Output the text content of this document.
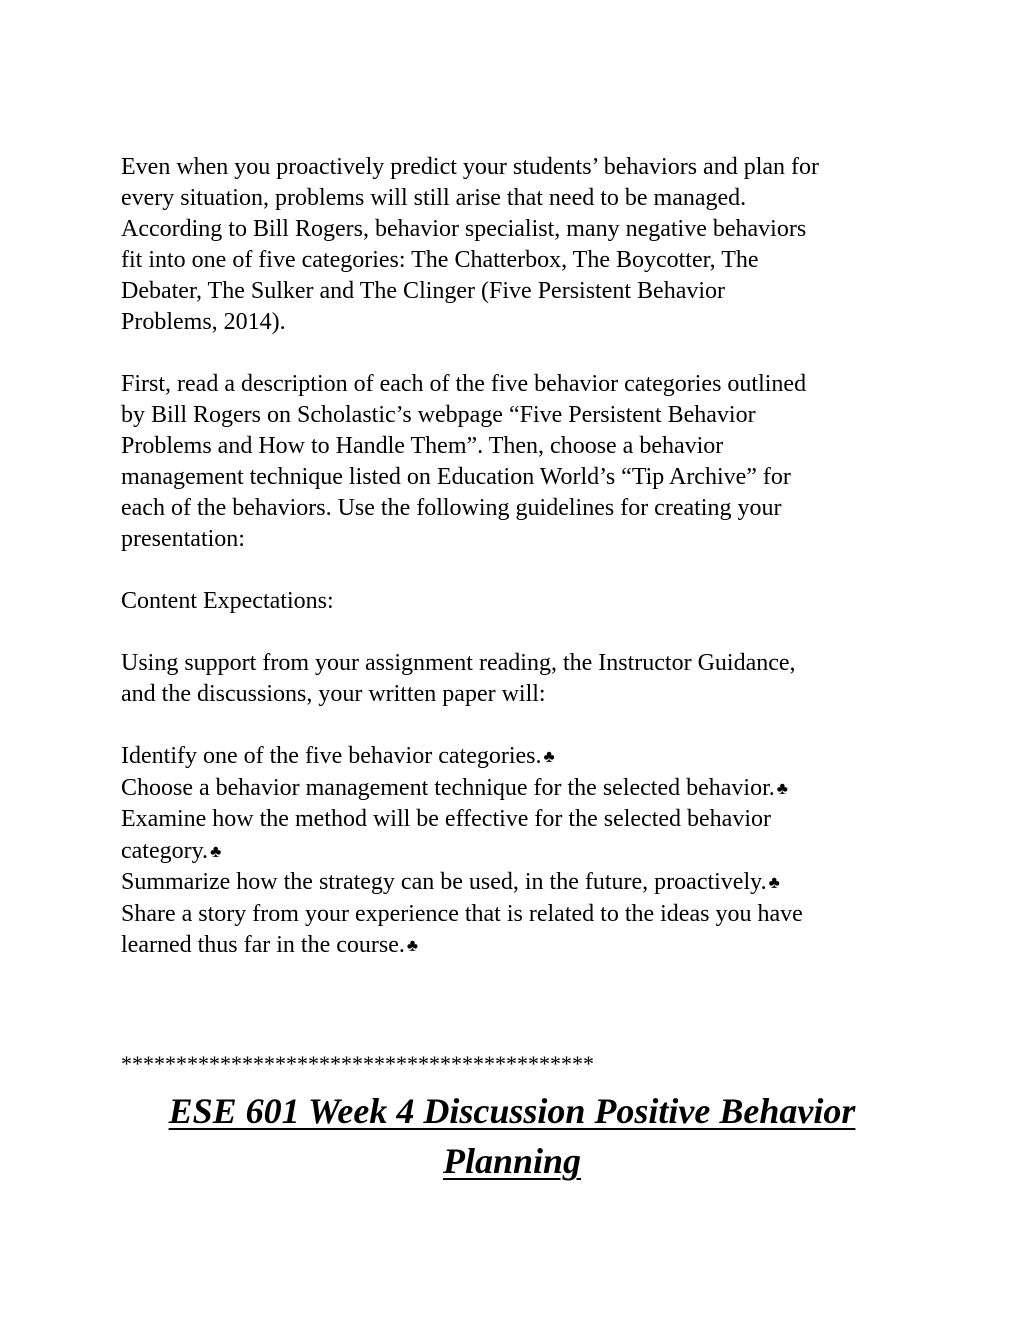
Even when you proactively predict your students’ behaviors and plan for
every situation, problems will still arise that need to be managed.
According to Bill Rogers, behavior specialist, many negative behaviors
fit into one of five categories: The Chatterbox, The Boycotter, The
Debater, The Sulker and The Clinger (Five Persistent Behavior
Problems, 2014).

First, read a description of each of the five behavior categories outlined
by Bill Rogers on Scholastic’s webpage “Five Persistent Behavior
Problems and How to Handle Them”. Then, choose a behavior
management technique listed on Education World’s “Tip Archive” for
each of the behaviors. Use the following guidelines for creating your
presentation:

Content Expectations:

Using support from your assignment reading, the Instructor Guidance,
and the discussions, your written paper will:

Identify one of the five behavior categories. ♣
Choose a behavior management technique for the selected behavior. ♣
Examine how the method will be effective for the selected behavior
category. ♣
Summarize how the strategy can be used, in the future, proactively. ♣
Share a story from your experience that is related to the ideas you have
learned thus far in the course. ♣

*******************************************

ESE 601 Week 4 Discussion Positive Behavior
Planning
